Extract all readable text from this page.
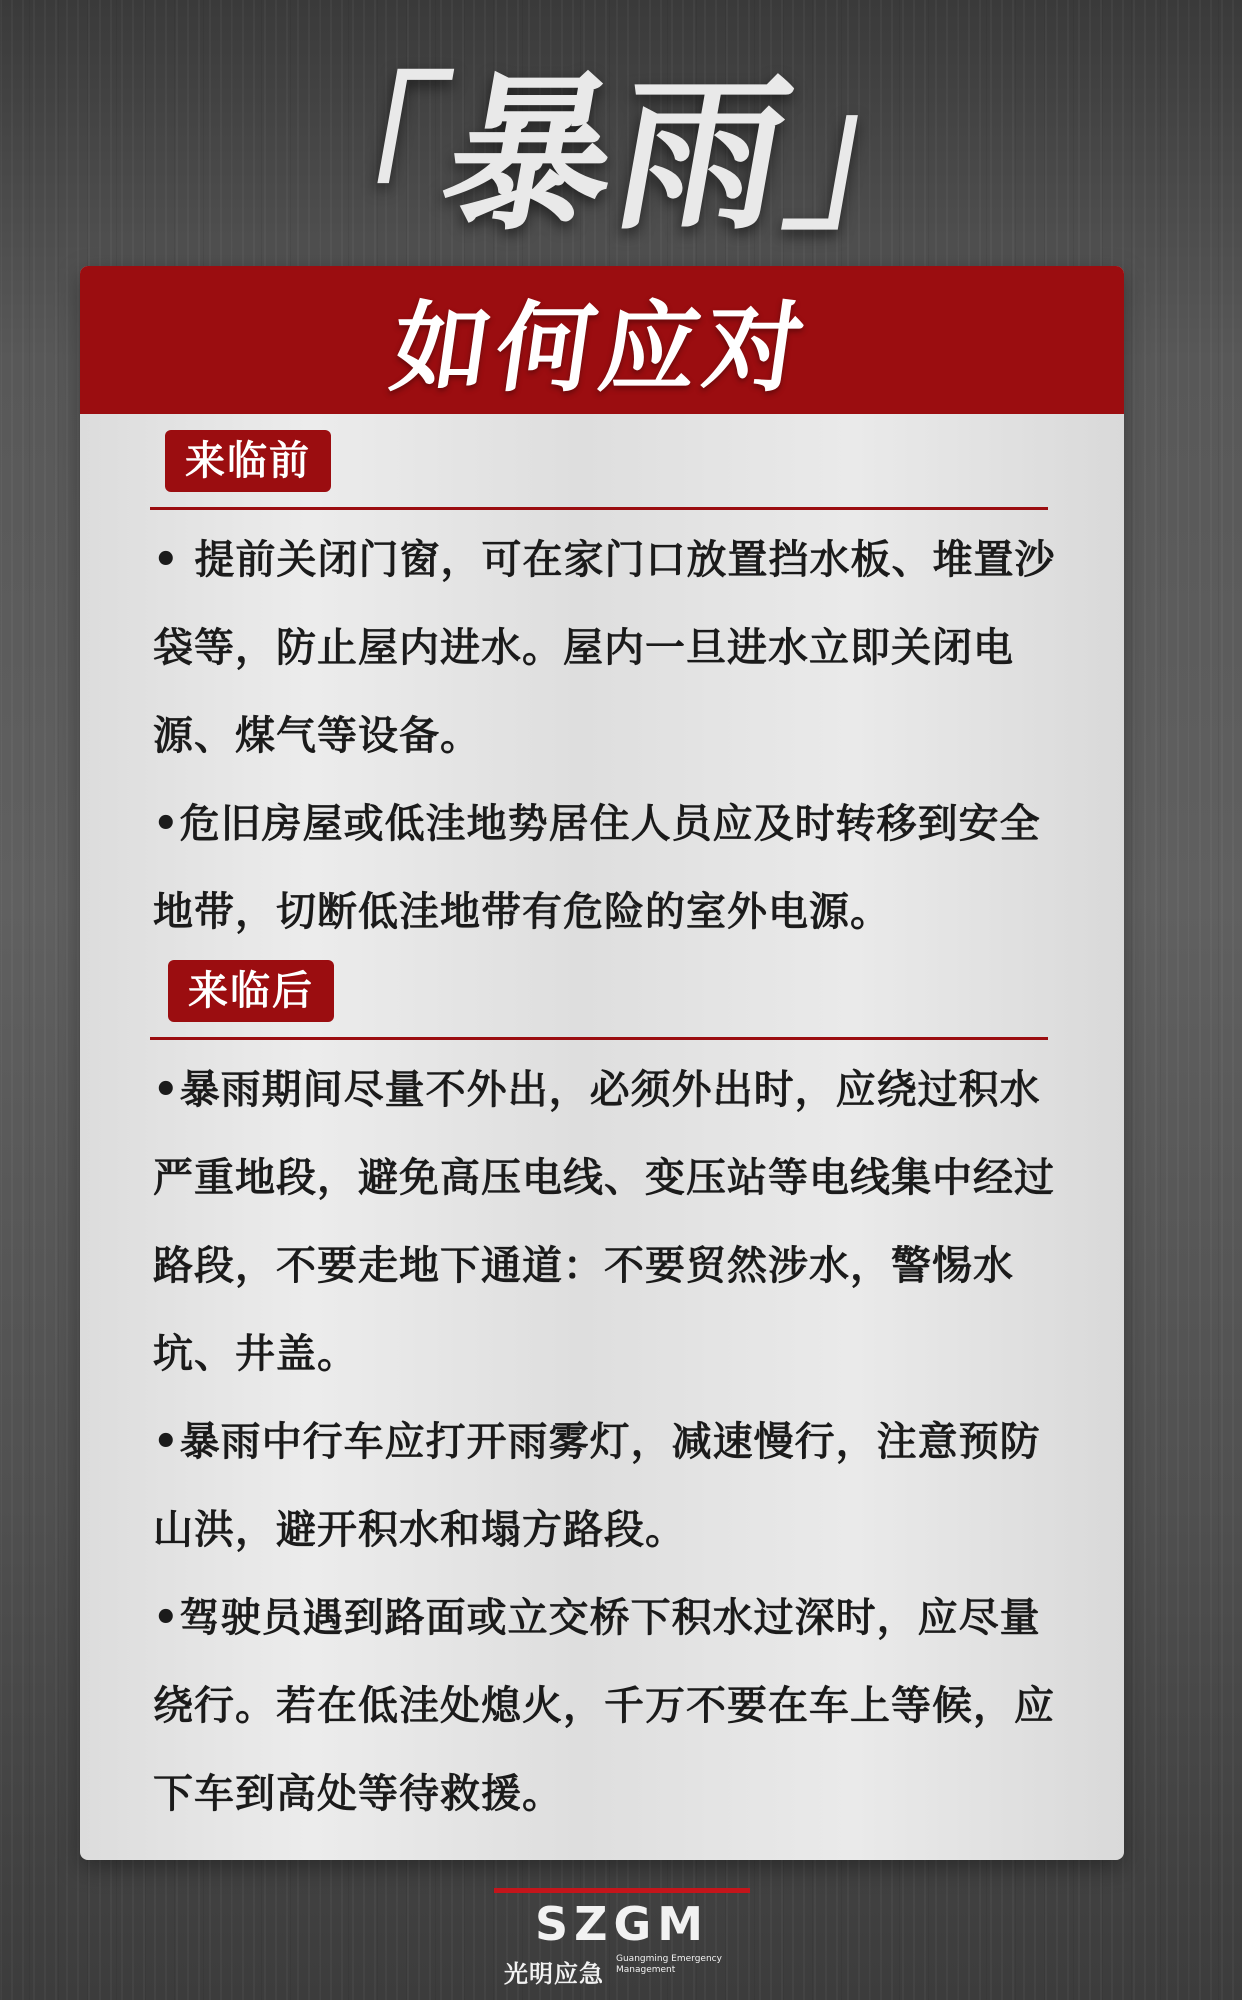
「暴雨」
如何应对
来临前

• 提前关闭门窗，可在家门口放置挡水板、堆置沙袋等，防止屋内进水。屋内一旦进水立即关闭电源、煤气等设备。

•危旧房屋或低洼地势居住人员应及时转移到安全地带，切断低洼地带有危险的室外电源。

来临后

•暴雨期间尽量不外出，必须外出时，应绕过积水严重地段，避免高压电线、变压站等电线集中经过路段，不要走地下通道：不要贸然涉水，警惕水坑、井盖。

•暴雨中行车应打开雨雾灯，减速慢行，注意预防山洪，避开积水和塌方路段。

•驾驶员遇到路面或立交桥下积水过深时，应尽量绕行。若在低洼处熄火，千万不要在车上等候，应下车到高处等待救援。

SZGM
光明应急
Guangming Emergency Management
